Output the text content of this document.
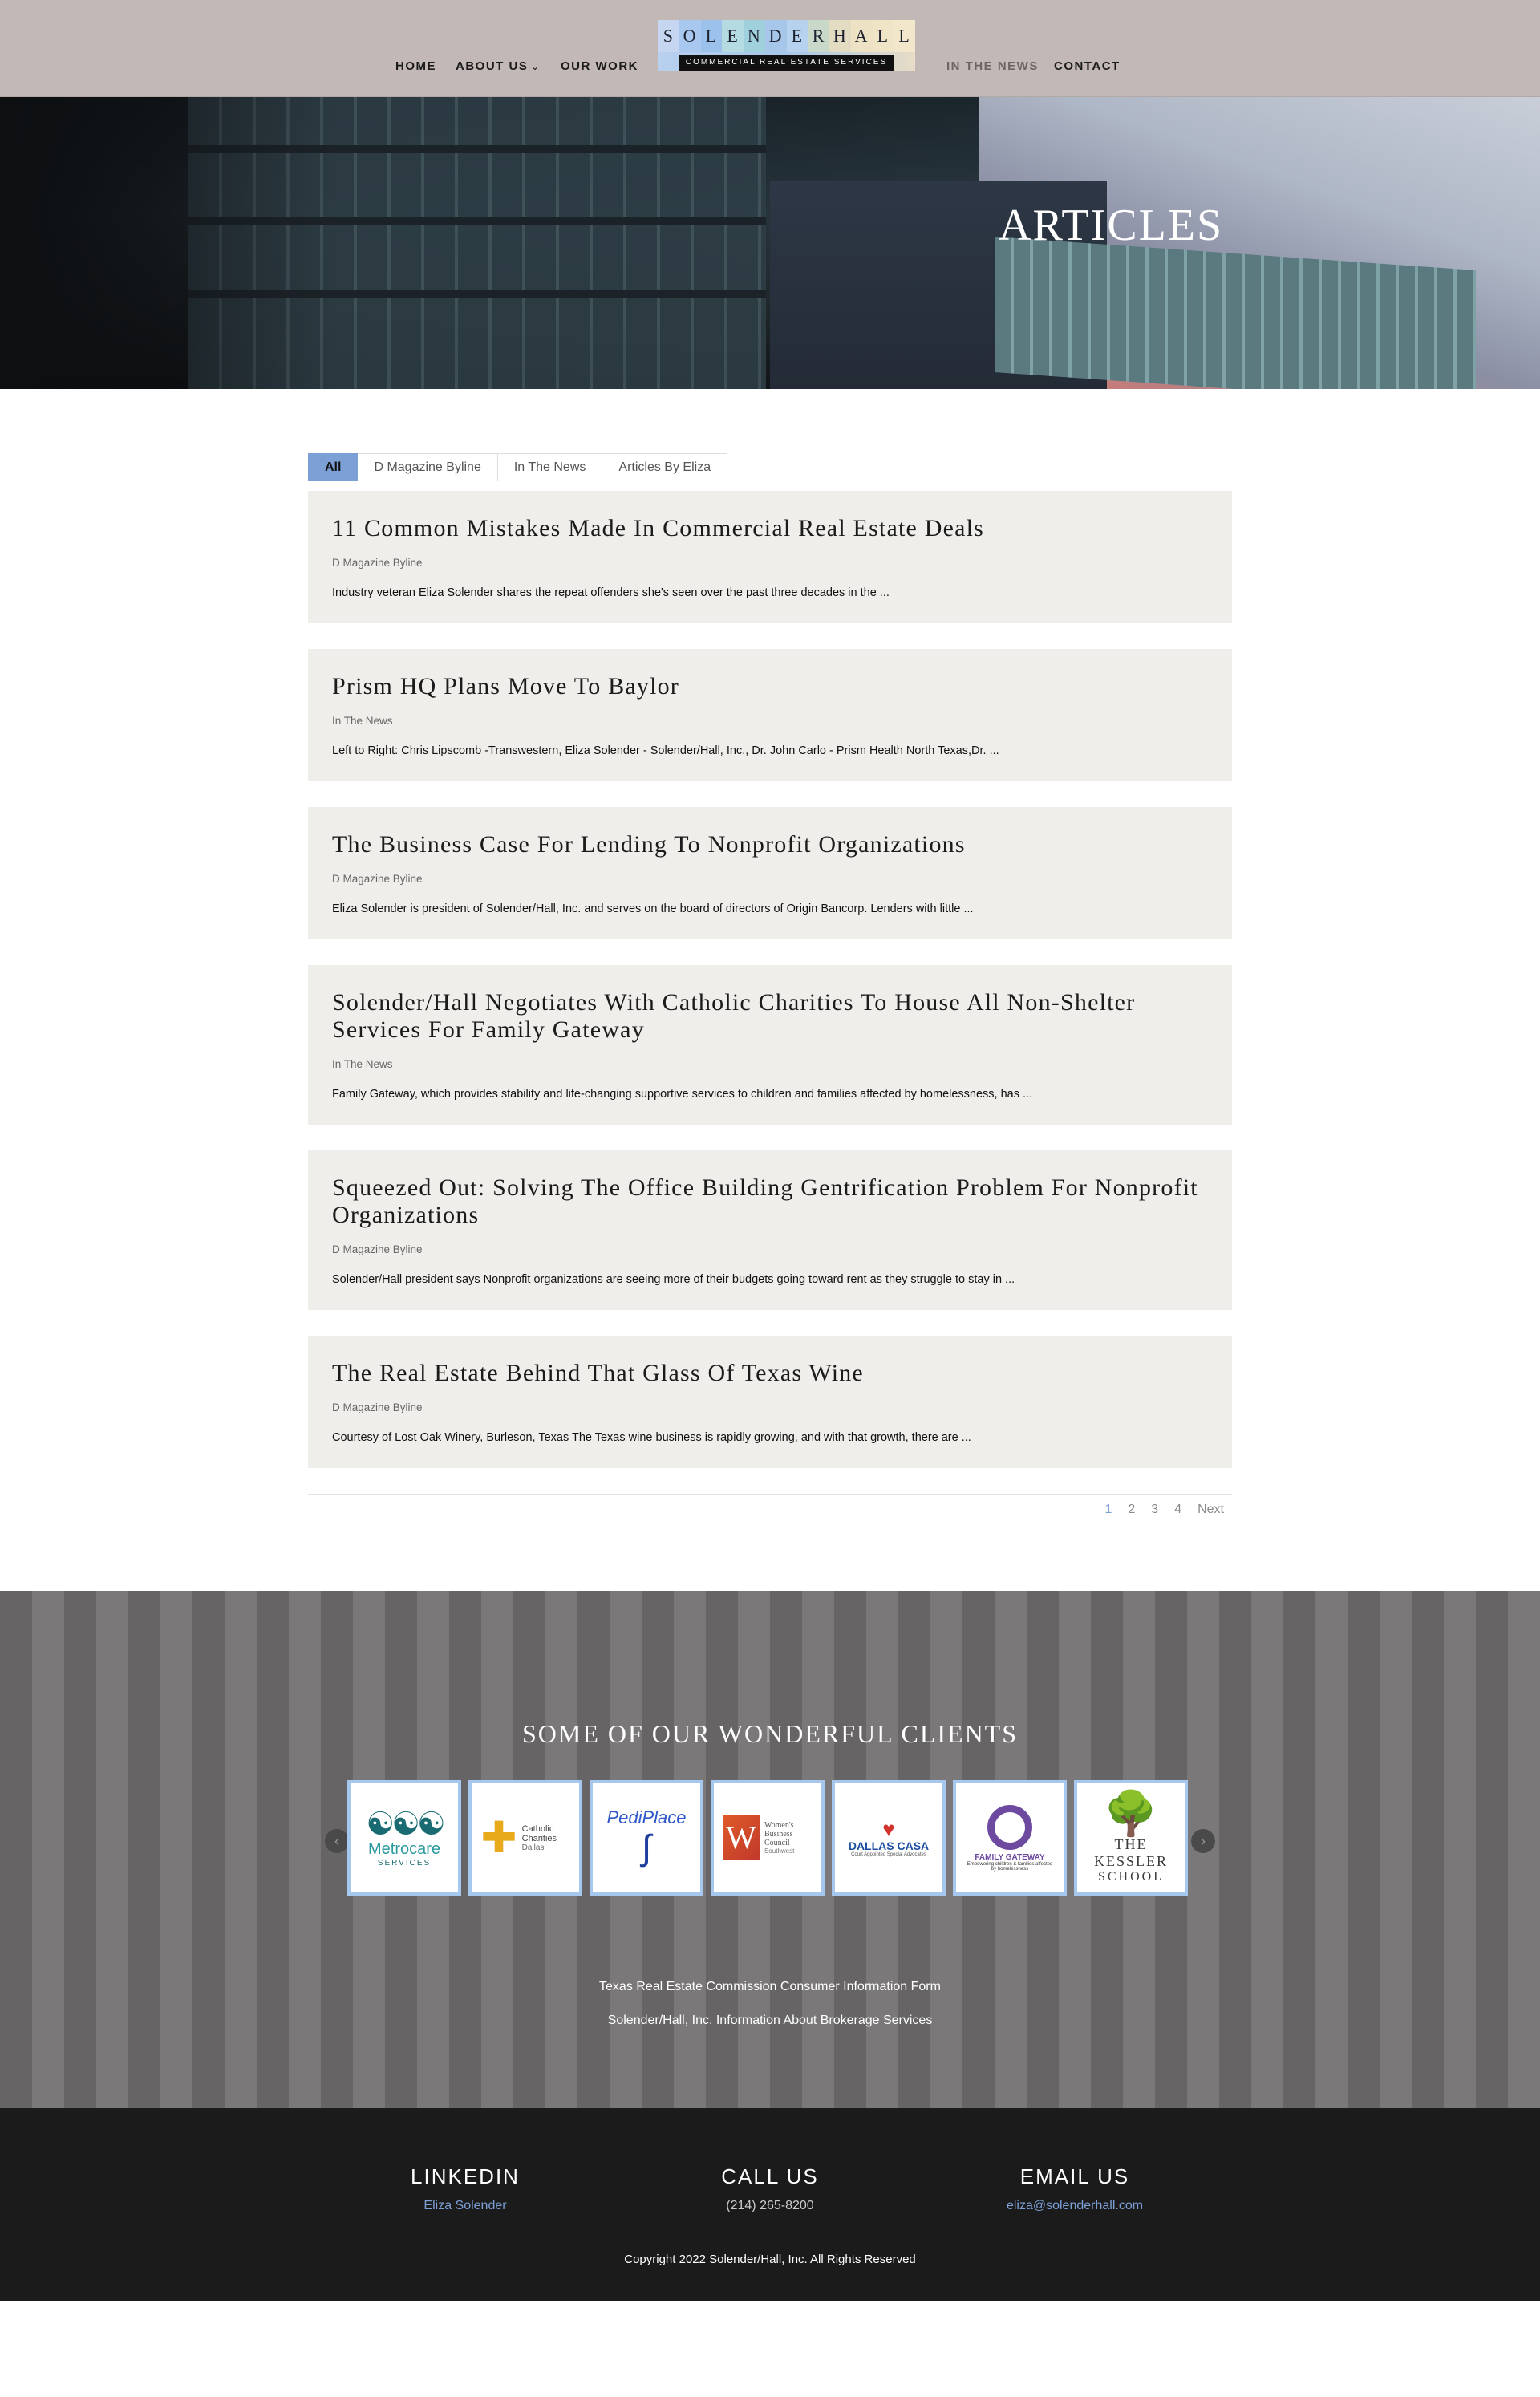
HOME ABOUT US ⌄ OUR WORK
S O L E N D E R H A L L
COMMERCIAL REAL ESTATE SERVICES	IN THE NEWS CONTACT
ARTICLES
All	D Magazine Byline	In The News	Articles By Eliza
11 Common Mistakes Made In Commercial Real Estate Deals
D Magazine Byline

Industry veteran Eliza Solender shares the repeat offenders she's seen over the past three decades in the ...

Prism HQ Plans Move To Baylor
In The News

Left to Right: Chris Lipscomb -Transwestern, Eliza Solender - Solender/Hall, Inc., Dr. John Carlo - Prism Health North Texas,Dr. ...

The Business Case For Lending To Nonprofit Organizations
D Magazine Byline

Eliza Solender is president of Solender/Hall, Inc. and serves on the board of directors of Origin Bancorp. Lenders with little ...

Solender/Hall Negotiates With Catholic Charities To House All Non-Shelter Services For Family Gateway
In The News

Family Gateway, which provides stability and life-changing supportive services to children and families affected by homelessness, has ...

Squeezed Out: Solving The Office Building Gentrification Problem For Nonprofit Organizations
D Magazine Byline

Solender/Hall president says Nonprofit organizations are seeing more of their budgets going toward rent as they struggle to stay in ...

The Real Estate Behind That Glass Of Texas Wine
D Magazine Byline

Courtesy of Lost Oak Winery, Burleson, Texas The Texas wine business is rapidly growing, and with that growth, there are ...

1 2 3 4 Next
SOME OF OUR WONDERFUL CLIENTS
‹ ☯☯☯
Metrocare
SERVICES
✚ Catholic Charities
Dallas
PediPlace
∫ W	Women's Business Council
Southwest
♥
DALLAS CASA
Court Appointed Special Advocates	FAMILY GATEWAY
Empowering children & families affected by homelessness
🌳
THE KESSLER
SCHOOL
›
Texas Real Estate Commission Consumer Information Form
Solender/Hall, Inc. Information About Brokerage Services
LINKEDIN
Eliza Solender
CALL US
(214) 265-8200
EMAIL US
eliza@solenderhall.com
Copyright 2022 Solender/Hall, Inc. All Rights Reserved
